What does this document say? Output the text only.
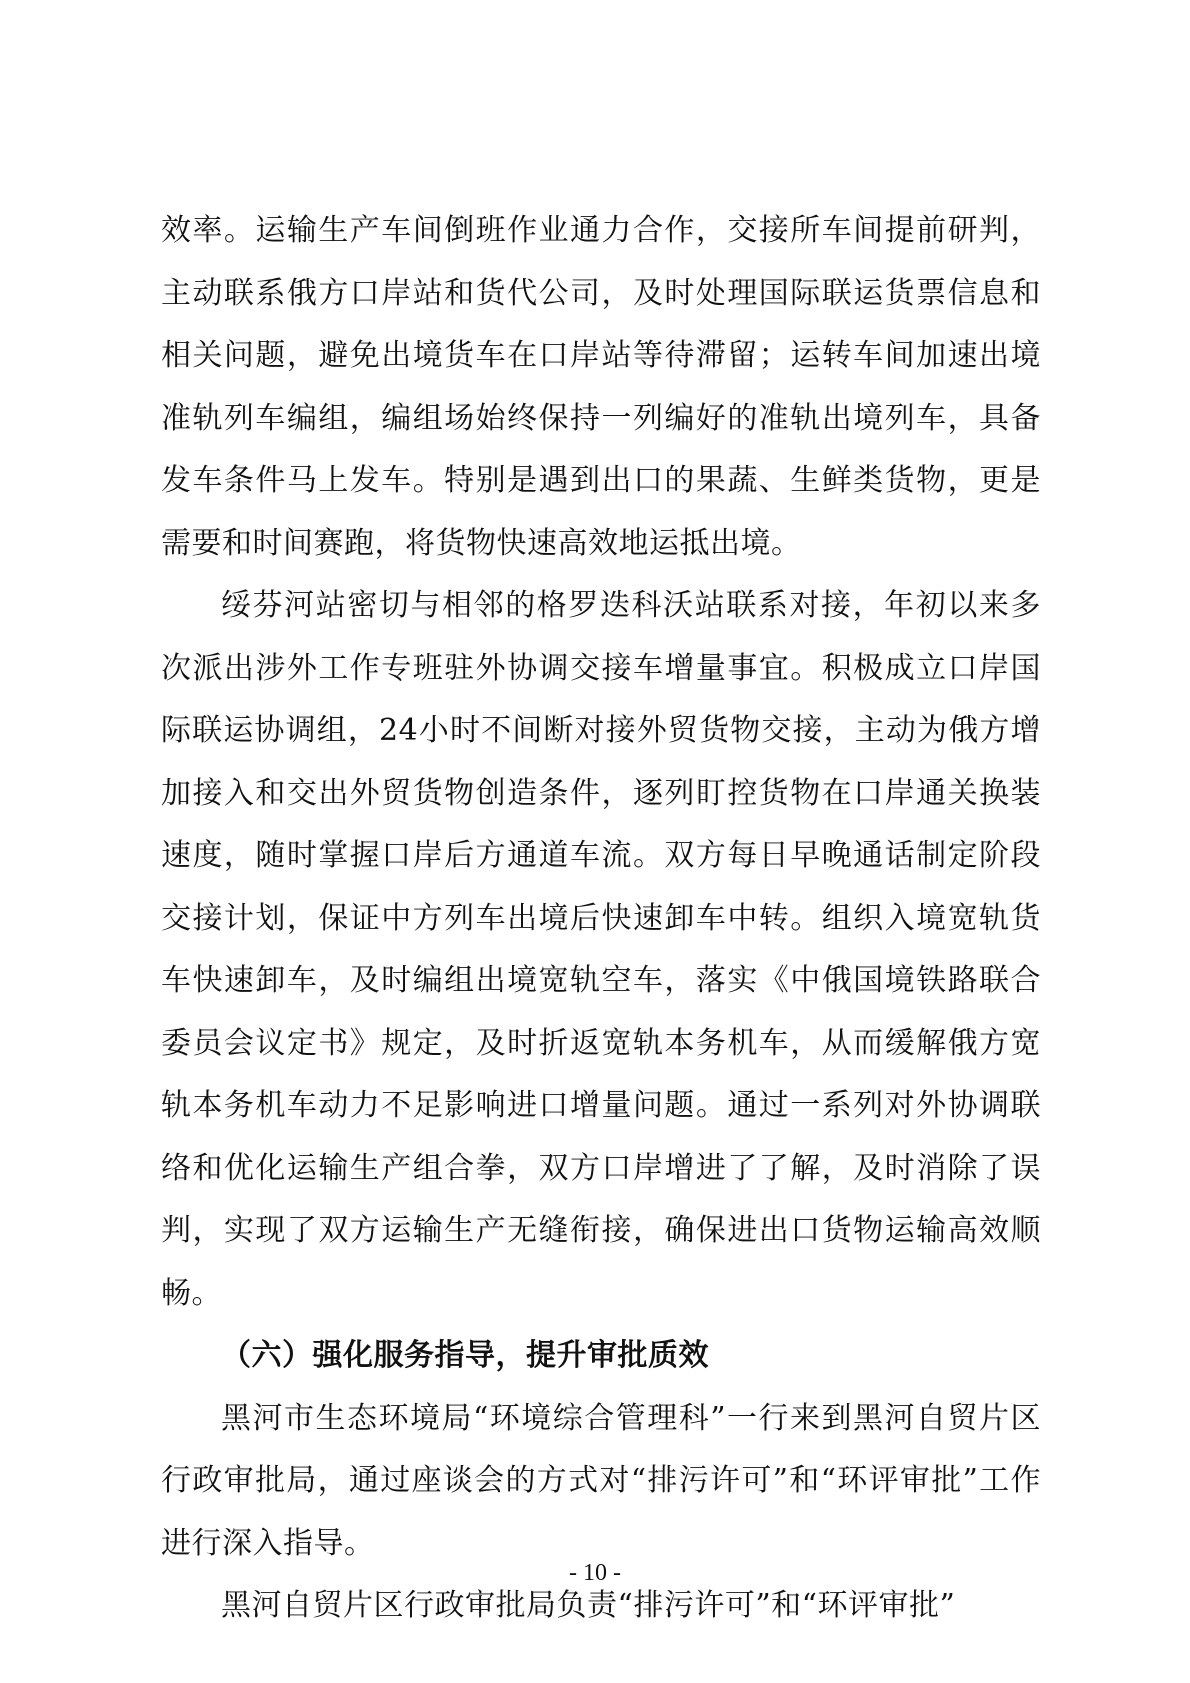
效率。运输生产车间倒班作业通力合作，交接所车间提前研判，主动联系俄方口岸站和货代公司，及时处理国际联运货票信息和相关问题，避免出境货车在口岸站等待滞留；运转车间加速出境准轨列车编组，编组场始终保持一列编好的准轨出境列车，具备发车条件马上发车。特别是遇到出口的果蔬、生鲜类货物，更是需要和时间赛跑，将货物快速高效地运抵出境。

绥芬河站密切与相邻的格罗迭科沃站联系对接，年初以来多次派出涉外工作专班驻外协调交接车增量事宜。积极成立口岸国际联运协调组，24小时不间断对接外贸货物交接，主动为俄方增加接入和交出外贸货物创造条件，逐列盯控货物在口岸通关换装速度，随时掌握口岸后方通道车流。双方每日早晚通话制定阶段交接计划，保证中方列车出境后快速卸车中转。组织入境宽轨货车快速卸车，及时编组出境宽轨空车，落实《中俄国境铁路联合委员会议定书》规定，及时折返宽轨本务机车，从而缓解俄方宽轨本务机车动力不足影响进口增量问题。通过一系列对外协调联络和优化运输生产组合拳，双方口岸增进了了解，及时消除了误判，实现了双方运输生产无缝衔接，确保进出口货物运输高效顺畅。

（六）强化服务指导，提升审批质效

黑河市生态环境局“环境综合管理科”一行来到黑河自贸片区行政审批局，通过座谈会的方式对“排污许可”和“环评审批”工作进行深入指导。

黑河自贸片区行政审批局负责“排污许可”和“环评审批”

- 10 -
